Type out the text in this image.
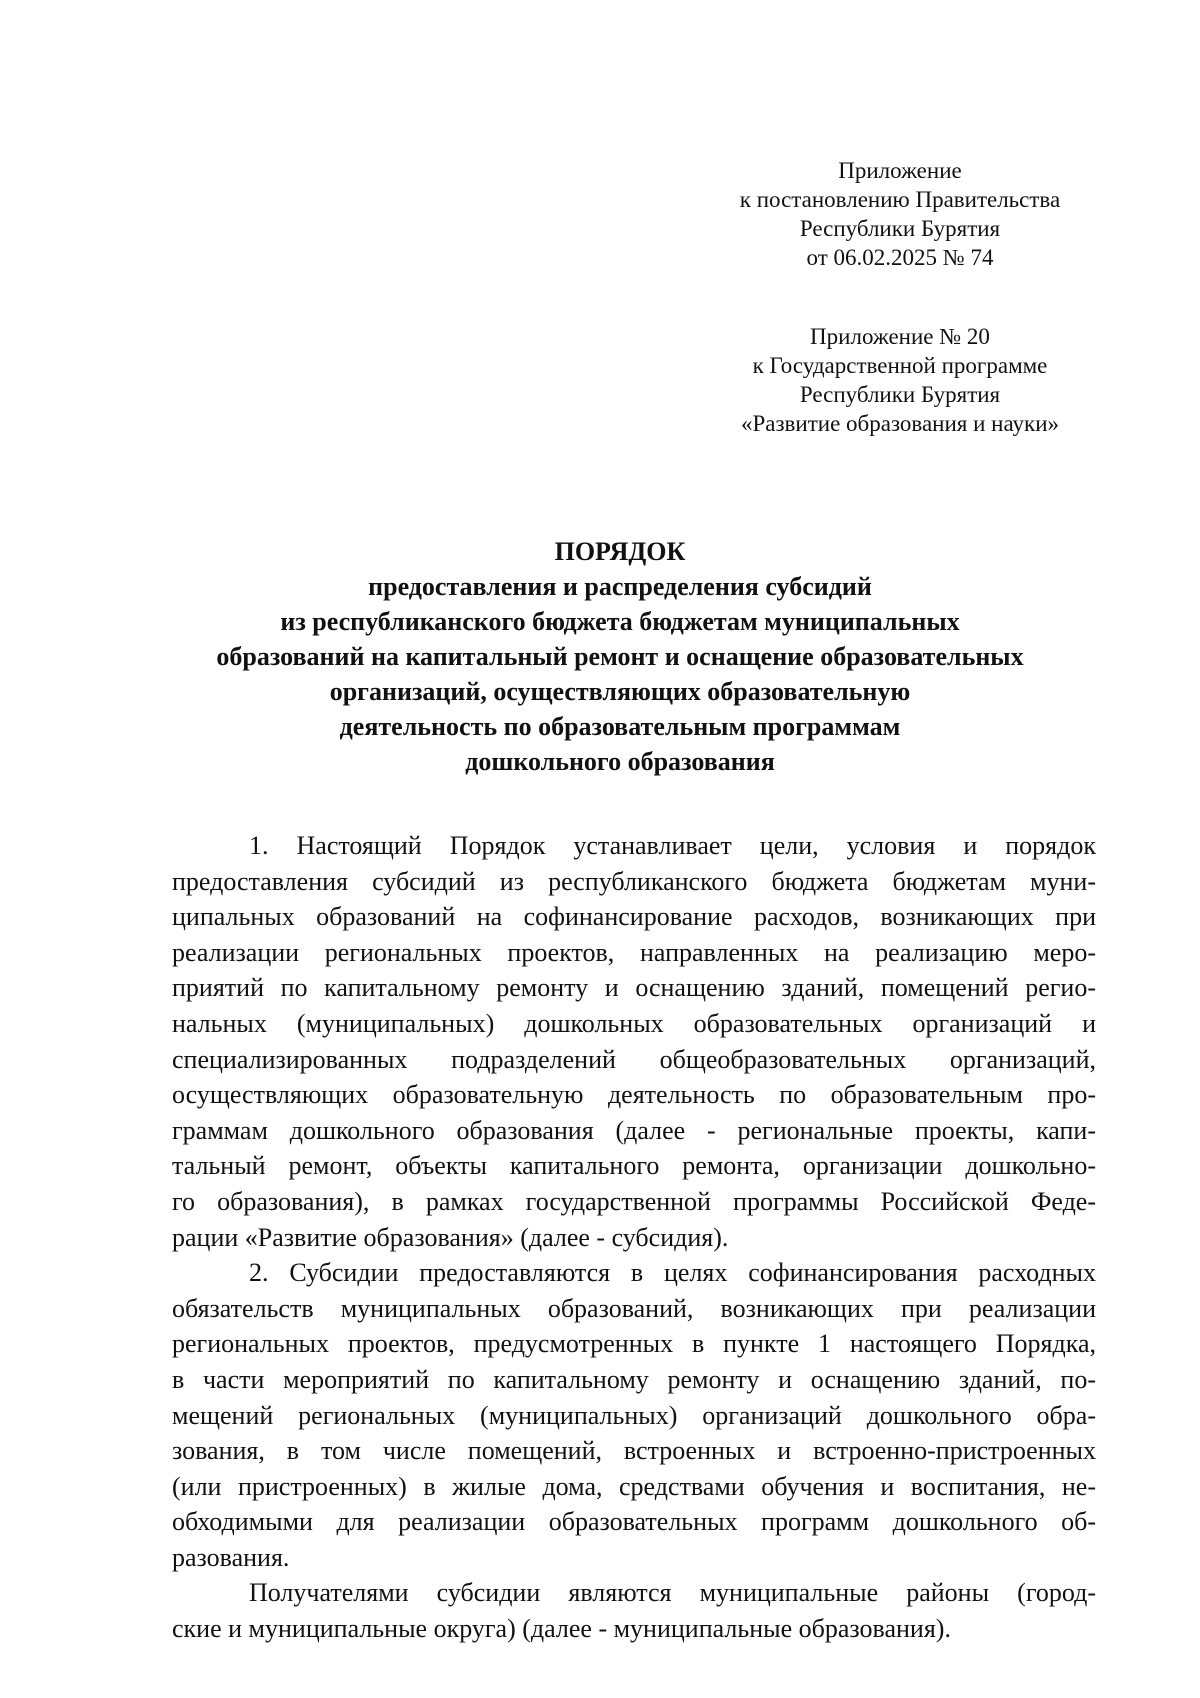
Приложение
к постановлению Правительства
Республики Бурятия
от 06.02.2025 № 74
Приложение № 20
к Государственной программе
Республики Бурятия
«Развитие образования и науки»
ПОРЯДОК
предоставления и распределения субсидий
из республиканского бюджета бюджетам муниципальных
образований на капитальный ремонт и оснащение образовательных
организаций, осуществляющих образовательную
деятельность по образовательным программам
дошкольного образования
1. Настоящий Порядок устанавливает цели, условия и порядок
предоставления субсидий из республиканского бюджета бюджетам муни-
ципальных образований на софинансирование расходов, возникающих при
реализации региональных проектов, направленных на реализацию меро-
приятий по капитальному ремонту и оснащению зданий, помещений регио-
нальных (муниципальных) дошкольных образовательных организаций и
специализированных подразделений общеобразовательных организаций,
осуществляющих образовательную деятельность по образовательным про-
граммам дошкольного образования (далее - региональные проекты, капи-
тальный ремонт, объекты капитального ремонта, организации дошкольно-
го образования), в рамках государственной программы Российской Феде-
рации «Развитие образования» (далее - субсидия).
2. Субсидии предоставляются в целях софинансирования расходных
обязательств муниципальных образований, возникающих при реализации
региональных проектов, предусмотренных в пункте 1 настоящего Порядка,
в части мероприятий по капитальному ремонту и оснащению зданий, по-
мещений региональных (муниципальных) организаций дошкольного обра-
зования, в том числе помещений, встроенных и встроенно-пристроенных
(или пристроенных) в жилые дома, средствами обучения и воспитания, не-
обходимыми для реализации образовательных программ дошкольного об-
разования.
Получателями субсидии являются муниципальные районы (город-
ские и муниципальные округа) (далее - муниципальные образования).
